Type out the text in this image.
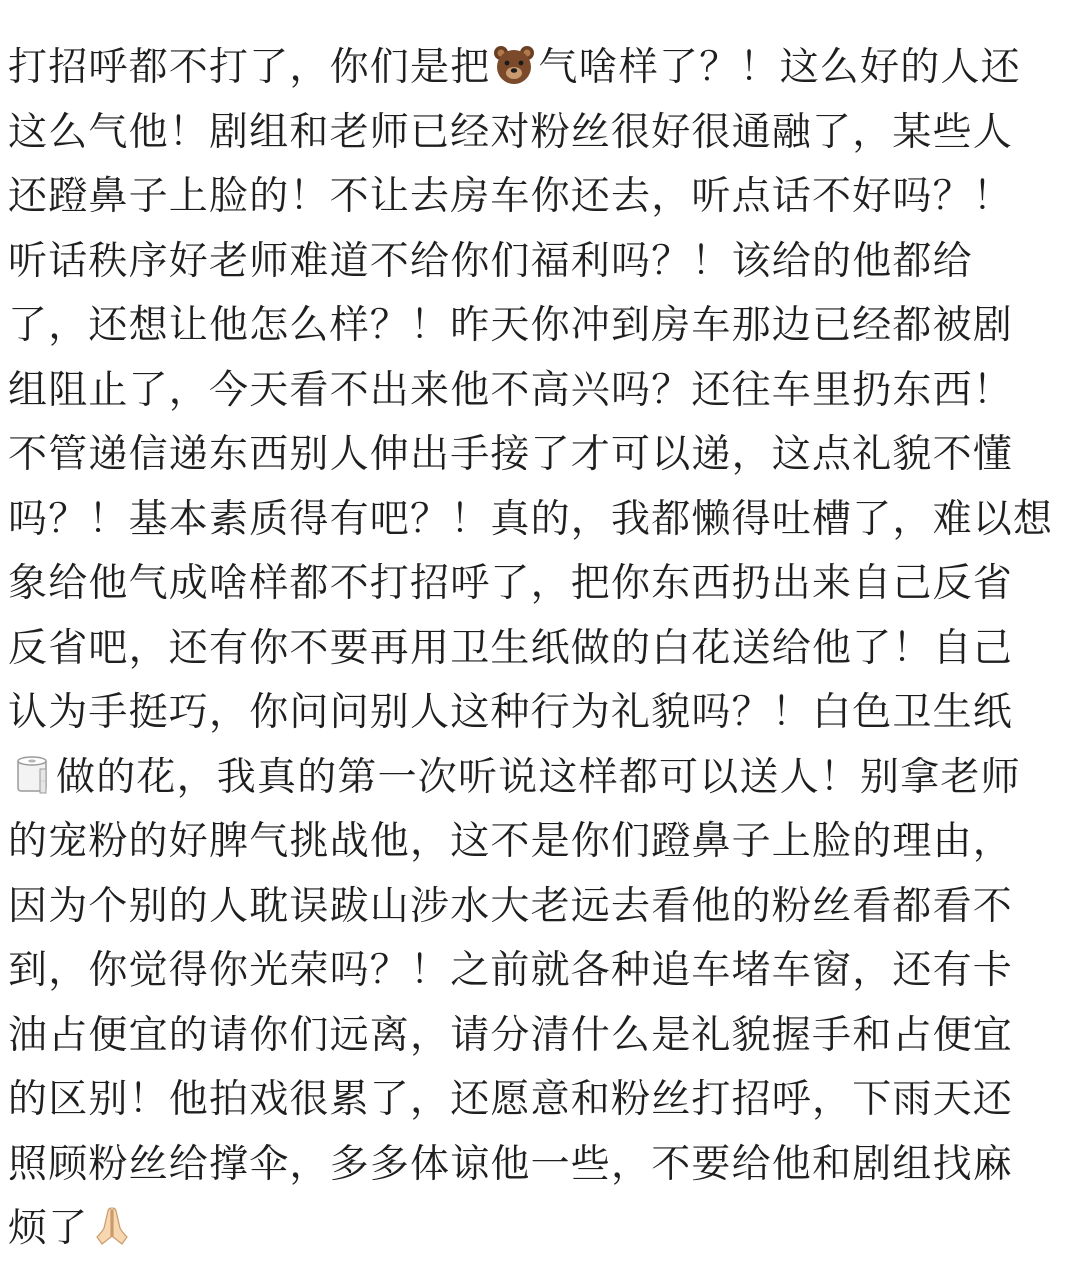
打招呼都不打了，你们是把 气啥样了？！这么好的人还
这么气他！剧组和老师已经对粉丝很好很通融了，某些人
还蹬鼻子上脸的！不让去房车你还去，听点话不好吗？！
听话秩序好老师难道不给你们福利吗？！该给的他都给
了，还想让他怎么样？！昨天你冲到房车那边已经都被剧
组阻止了，今天看不出来他不高兴吗？还往车里扔东西！
不管递信递东西别人伸出手接了才可以递，这点礼貌不懂
吗？！基本素质得有吧？！真的，我都懒得吐槽了，难以想
象给他气成啥样都不打招呼了，把你东西扔出来自己反省
反省吧，还有你不要再用卫生纸做的白花送给他了！自己
认为手挺巧，你问问别人这种行为礼貌吗？！白色卫生纸
做的花，我真的第一次听说这样都可以送人！别拿老师
的宠粉的好脾气挑战他，这不是你们蹬鼻子上脸的理由，
因为个别的人耽误跋山涉水大老远去看他的粉丝看都看不
到，你觉得你光荣吗？！之前就各种追车堵车窗，还有卡
油占便宜的请你们远离，请分清什么是礼貌握手和占便宜
的区别！他拍戏很累了，还愿意和粉丝打招呼，下雨天还
照顾粉丝给撑伞，多多体谅他一些，不要给他和剧组找麻
烦了
